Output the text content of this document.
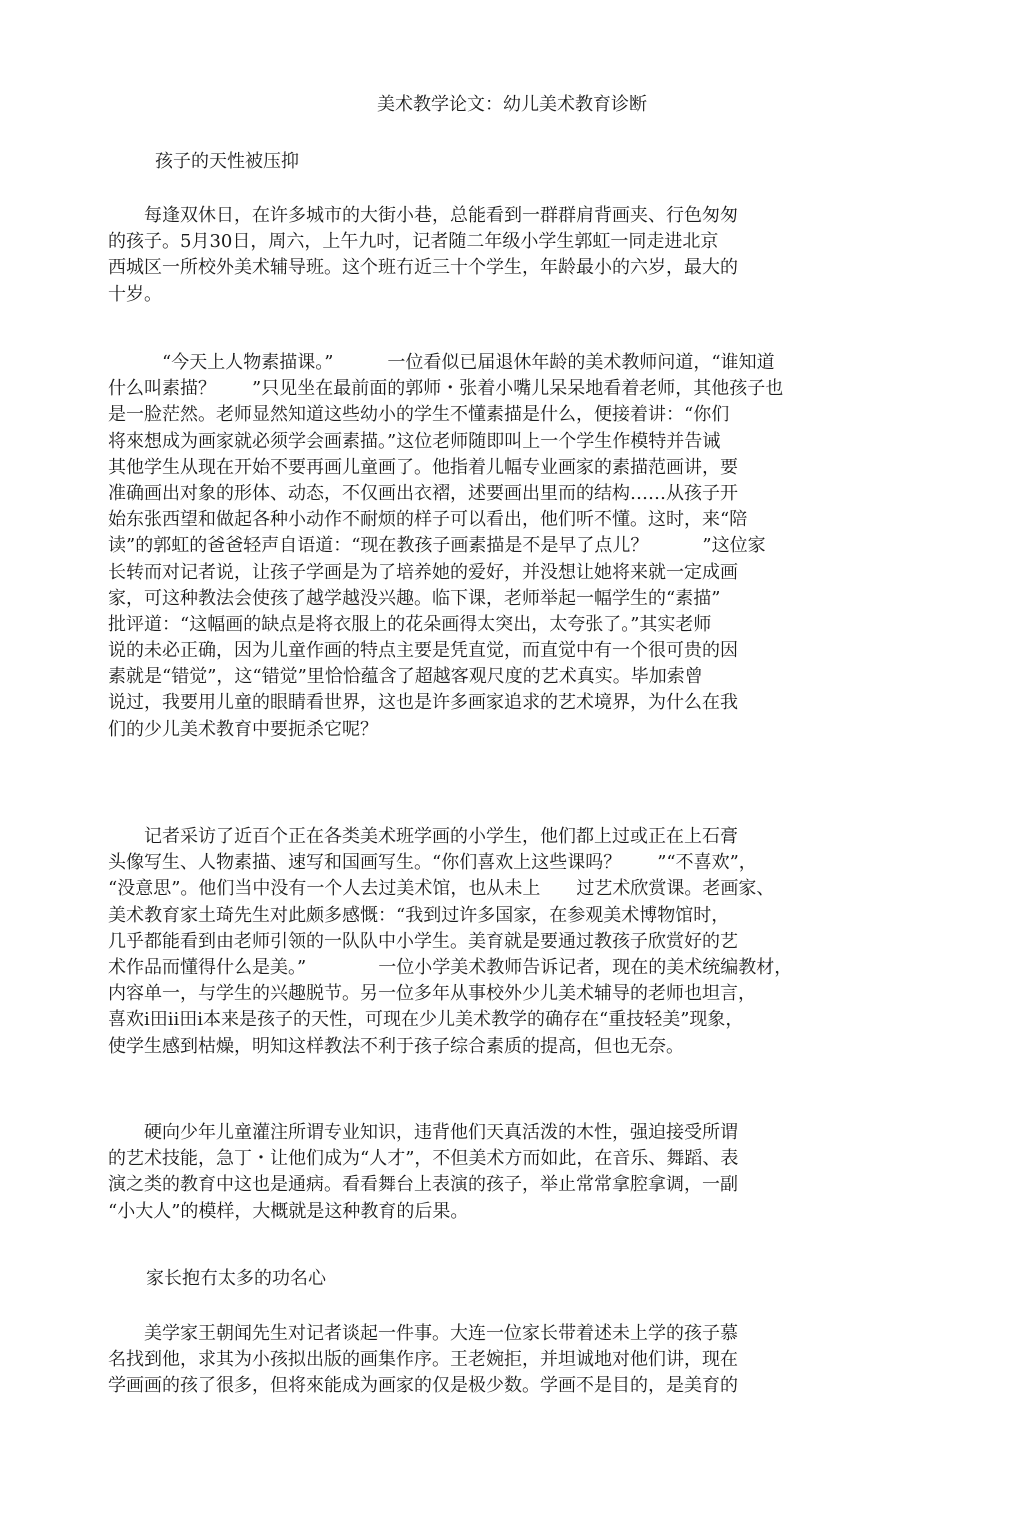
美术教学论文：幼儿美术教育诊断
孩子的天性被压抑
　　每逢双休日，在许多城市的大街小巷，总能看到一群群肩背画夹、行色匆匆
的孩子。5月30日，周六，上午九吋，记者随二年级小学生郭虹一同走进北京
西城区一所校外美术辅导班。这个班冇近三十个学生，年龄最小的六岁，最大的
十岁。
　　　“今天上人物素描课。”　　　一位看似已届退休年龄的美术教师问道，“谁知道
什么叫素描？　　”只见坐在最前面的郭师・张着小嘴儿呆呆地看着老师，其他孩子也
是一脸茫然。老师显然知道这些幼小的学生不懂素描是什么，便接着讲：“你们
将來想成为画家就必须学会画素描。”这位老师随即叫上一个学生作模特并告诫
其他学生从现在开始不要再画儿童画了。他指着儿幅专业画家的素描范画讲，要
准确画出对象的形体、动态，不仅画出衣褶，述要画出里而的结构……从孩子开
始东张西望和做起各种小动作不耐烦的样子可以看出，他们听不懂。这时，来“陪
读”的郭虹的爸爸轻声自语道：“现在教孩子画素描是不是早了点儿？　　　”这位家
长转而对记者说，让孩子学画是为了培养她的爱好，并没想让她将来就一定成画
家，可这种教法会使孩了越学越没兴趣。临下课，老师举起一幅学生的“素描”
批评道：“这幅画的缺点是将衣服上的花朵画得太突出，太夸张了。”其实老师
说的未必正确，因为儿童作画的特点主要是凭直觉，而直觉中有一个很可贵的因
素就是“错觉”，这“错觉”里恰恰蕴含了超越客观尺度的艺术真实。毕加索曾
说过，我要用儿童的眼睛看世界，这也是许多画家追求的艺术境界，为什么在我
们的少儿美术教育中要扼杀它呢？
　　记者采访了近百个正在各类美术班学画的小学生，他们都上过或正在上石膏
头像写生、人物素描、速写和国画写生。“你们喜欢上这些课吗？　　”“不喜欢”，
“没意思”。他们当中没有一个人去过美术馆，也从未上　　过艺术欣赏课。老画家、
美术教育家土琦先生对此颇多感慨：“我到过许多国家，在参观美术博物馆时，
几乎都能看到由老师引领的一队队中小学生。美育就是要通过教孩子欣赏好的艺
术作品而懂得什么是美。”　　　　一位小学美术教师告诉记者，现在的美术统编教材，
内容单一，与学生的兴趣脱节。另一位多年从事校外少儿美术辅导的老师也坦言，
喜欢i田ii田i本来是孩子的天性，可现在少儿美术教学的确存在“重技轻美”现象，
使学生感到枯燥，明知这样教法不利于孩子综合素质的提高，但也无奈。
　　硬向少年儿童灌注所谓专业知识，违背他们天真活泼的木性，强迫接受所谓
的艺术技能，急丁・让他们成为“人才”，不但美术方而如此，在音乐、舞蹈、表
演之类的教育中这也是通病。看看舞台上表演的孩子，举止常常拿腔拿调，一副
“小大人”的模样，大概就是这种教育的后果。
家长抱冇太多的功名心
　　美学家王朝闻先生对记者谈起一件事。大连一位家长带着述未上学的孩子慕
名找到他，求其为小孩拟出版的画集作序。王老婉拒，并坦诚地对他们讲，现在
学画画的孩了很多，但将來能成为画家的仅是极少数。学画不是目的，是美育的
